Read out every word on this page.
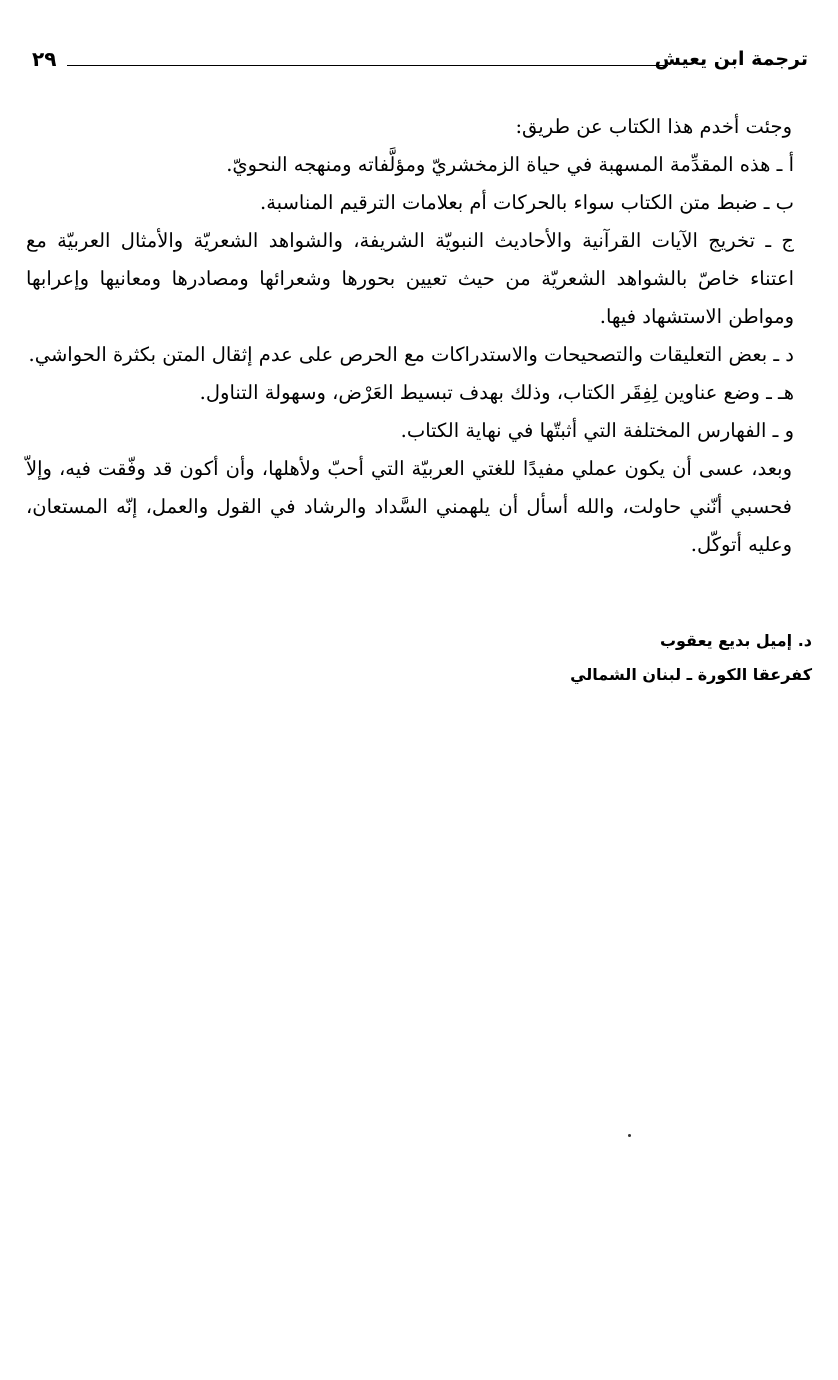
ترجمة ابن يعيش
٢٩

وجئت أخدم هذا الكتاب عن طريق:

أ ـ هذه المقدِّمة المسهبة في حياة الزمخشريّ ومؤلَّفاته ومنهجه النحويّ.

ب ـ ضبط متن الكتاب سواء بالحركات أم بعلامات الترقيم المناسبة.

ج ـ تخريج الآيات القرآنية والأحاديث النبويّة الشريفة، والشواهد الشعريّة والأمثال العربيّة مع اعتناء خاصّ بالشواهد الشعريّة من حيث تعيين بحورها وشعرائها ومصادرها ومعانيها وإعرابها ومواطن الاستشهاد فيها.

د ـ بعض التعليقات والتصحيحات والاستدراكات مع الحرص على عدم إثقال المتن بكثرة الحواشي.

هـ ـ وضع عناوين لِفِقَر الكتاب، وذلك بهدف تبسيط العَرْض، وسهولة التناول.

و ـ الفهارس المختلفة التي أثبتّها في نهاية الكتاب.

وبعد، عسى أن يكون عملي مفيدًا للغتي العربيّة التي أحبّ ولأهلها، وأن أكون قد وفّقت فيه، وإلاّ فحسبي أنّني حاولت، والله أسأل أن يلهمني السَّداد والرشاد في القول والعمل، إنّه المستعان، وعليه أتوكّل.

د. إميل بديع يعقوب

كفرعقا الكورة ـ لبنان الشمالي
